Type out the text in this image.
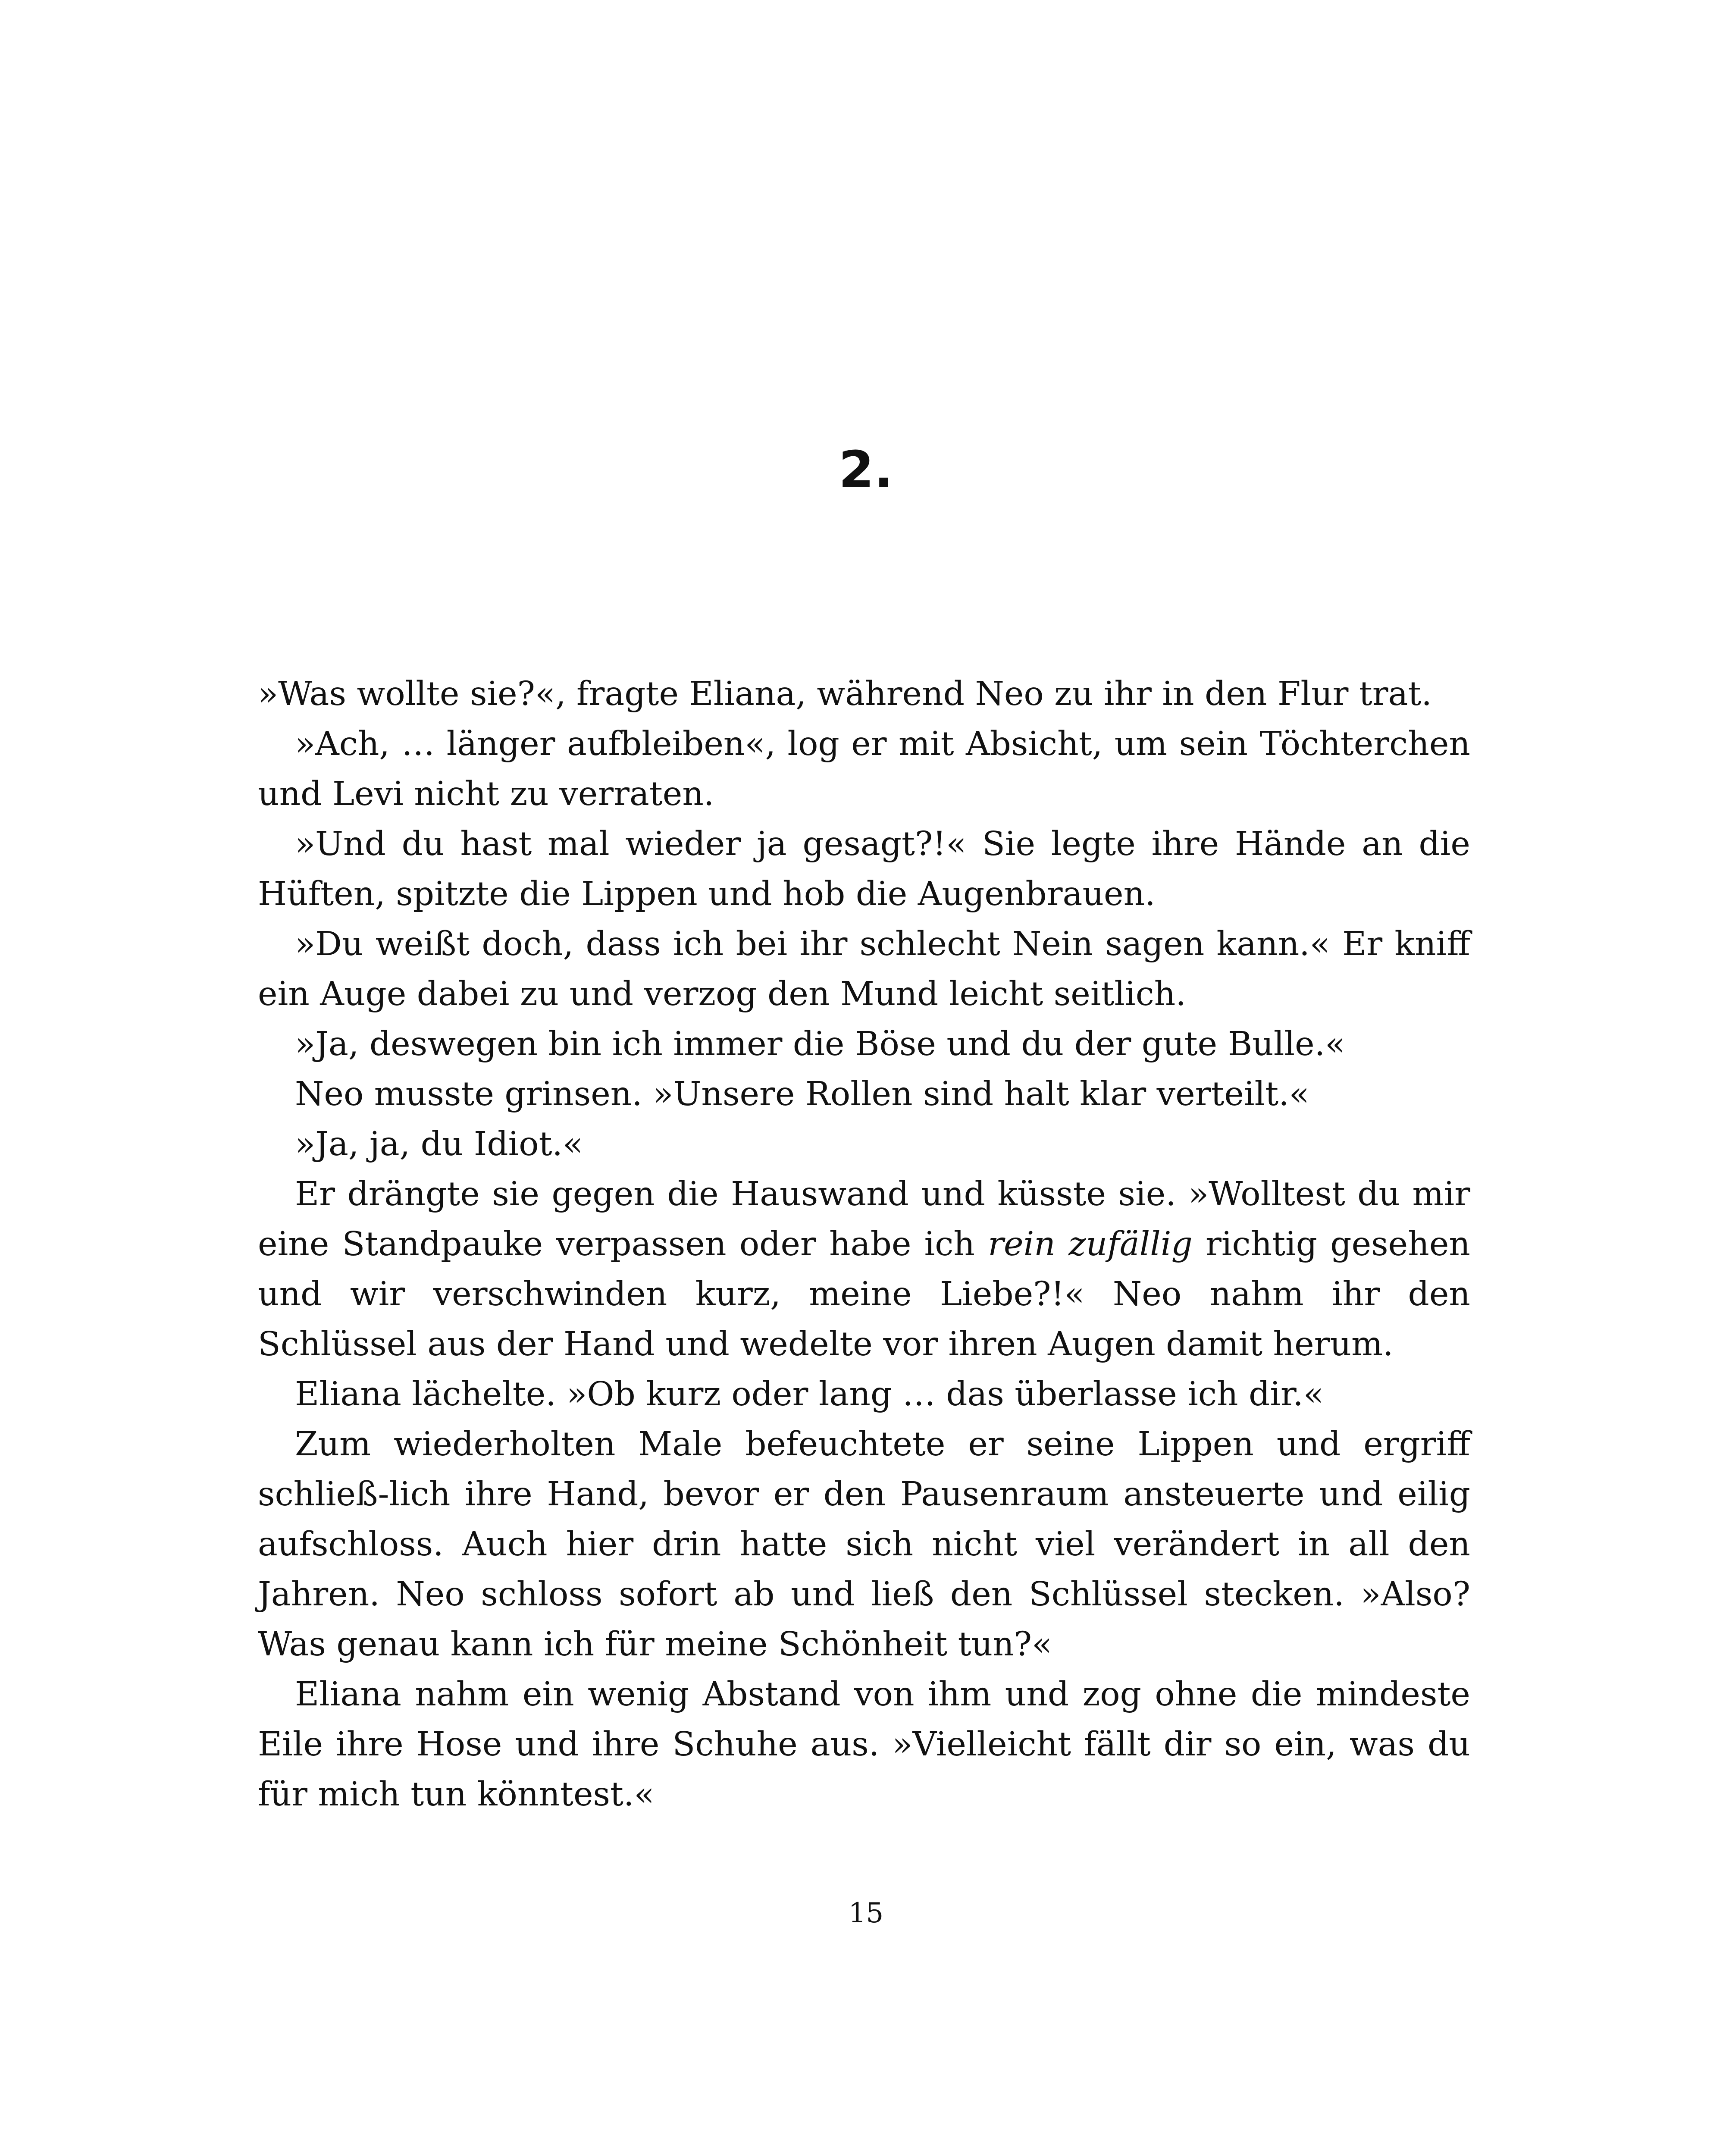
2.

»Was wollte sie?«, fragte Eliana, während Neo zu ihr in den Flur trat.

»Ach, … länger aufbleiben«, log er mit Absicht, um sein Töchterchen und Levi nicht zu verraten.

»Und du hast mal wieder ja gesagt?!« Sie legte ihre Hände an die Hüften, spitzte die Lippen und hob die Augenbrauen.

»Du weißt doch, dass ich bei ihr schlecht Nein sagen kann.« Er kniff ein Auge dabei zu und verzog den Mund leicht seitlich.

»Ja, deswegen bin ich immer die Böse und du der gute Bulle.«

Neo musste grinsen. »Unsere Rollen sind halt klar verteilt.«

»Ja, ja, du Idiot.«

Er drängte sie gegen die Hauswand und küsste sie. »Wolltest du mir eine Standpauke verpassen oder habe ich rein zufällig richtig gesehen und wir verschwinden kurz, meine Liebe?!« Neo nahm ihr den Schlüssel aus der Hand und wedelte vor ihren Augen damit herum.

Eliana lächelte. »Ob kurz oder lang … das überlasse ich dir.«

Zum wiederholten Male befeuchtete er seine Lippen und ergriff schließ-lich ihre Hand, bevor er den Pausenraum ansteuerte und eilig aufschloss. Auch hier drin hatte sich nicht viel verändert in all den Jahren. Neo schloss sofort ab und ließ den Schlüssel stecken. »Also? Was genau kann ich für meine Schönheit tun?«

Eliana nahm ein wenig Abstand von ihm und zog ohne die mindeste Eile ihre Hose und ihre Schuhe aus. »Vielleicht fällt dir so ein, was du für mich tun könntest.«

15
